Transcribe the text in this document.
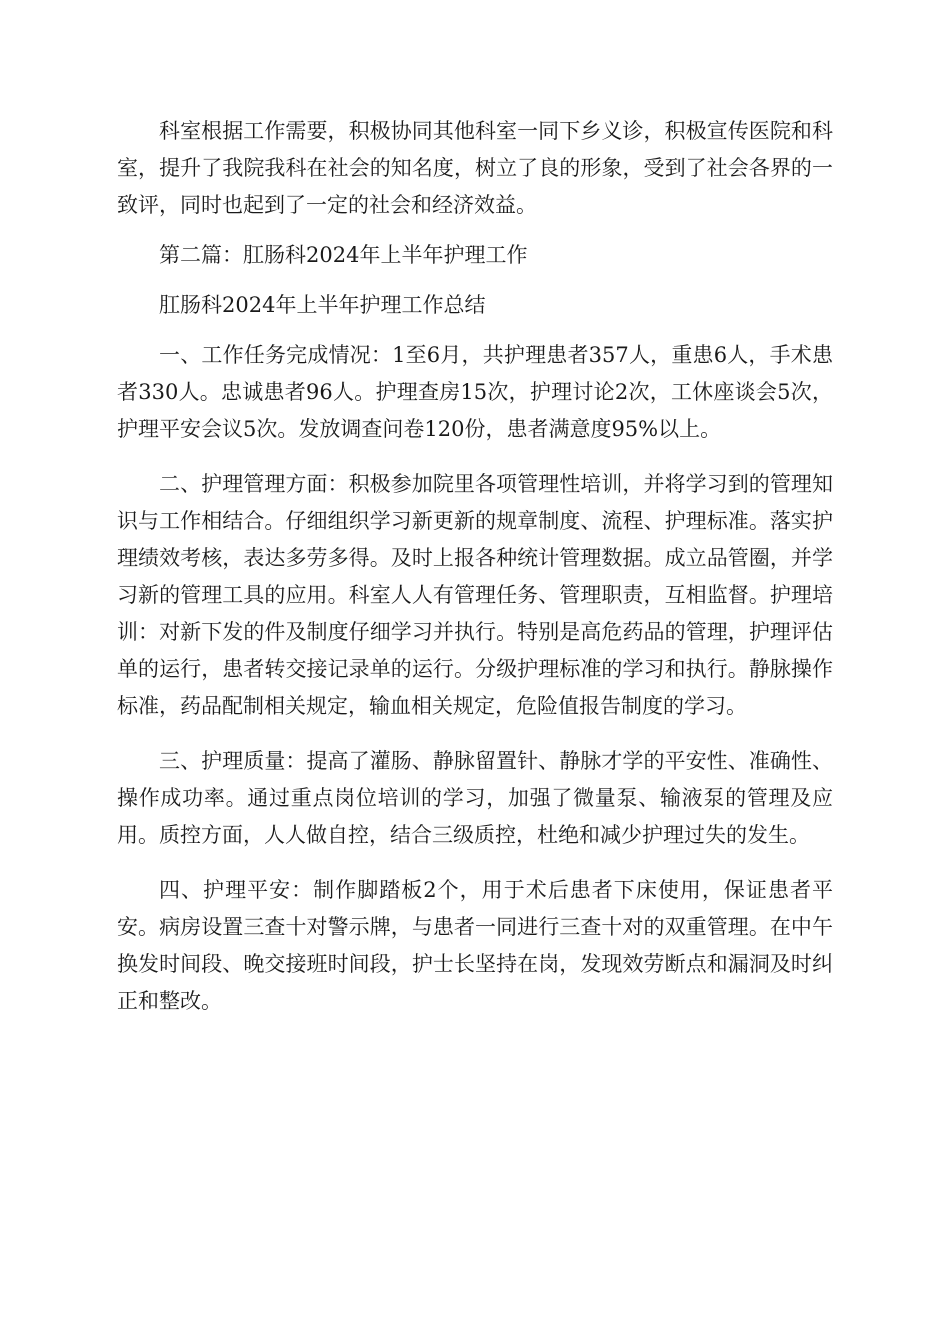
科室根据工作需要，积极协同其他科室一同下乡义诊，积极宣传医院和科室，提升了我院我科在社会的知名度，树立了良的形象，受到了社会各界的一致评，同时也起到了一定的社会和经济效益。

第二篇：肛肠科2024年上半年护理工作

肛肠科2024年上半年护理工作总结

一、工作任务完成情况：1至6月，共护理患者357人，重患6人，手术患者330人。忠诚患者96人。护理查房15次，护理讨论2次，工休座谈会5次，护理平安会议5次。发放调查问卷120份，患者满意度95%以上。

二、护理管理方面：积极参加院里各项管理性培训，并将学习到的管理知识与工作相结合。仔细组织学习新更新的规章制度、流程、护理标准。落实护理绩效考核，表达多劳多得。及时上报各种统计管理数据。成立品管圈，并学习新的管理工具的应用。科室人人有管理任务、管理职责，互相监督。护理培训：对新下发的件及制度仔细学习并执行。特别是高危药品的管理，护理评估单的运行，患者转交接记录单的运行。分级护理标准的学习和执行。静脉操作标准，药品配制相关规定，输血相关规定，危险值报告制度的学习。

三、护理质量：提高了灌肠、静脉留置针、静脉才学的平安性、准确性、操作成功率。通过重点岗位培训的学习，加强了微量泵、输液泵的管理及应用。质控方面，人人做自控，结合三级质控，杜绝和减少护理过失的发生。

四、护理平安：制作脚踏板2个，用于术后患者下床使用，保证患者平安。病房设置三查十对警示牌，与患者一同进行三查十对的双重管理。在中午换发时间段、晚交接班时间段，护士长坚持在岗，发现效劳断点和漏洞及时纠正和整改。
